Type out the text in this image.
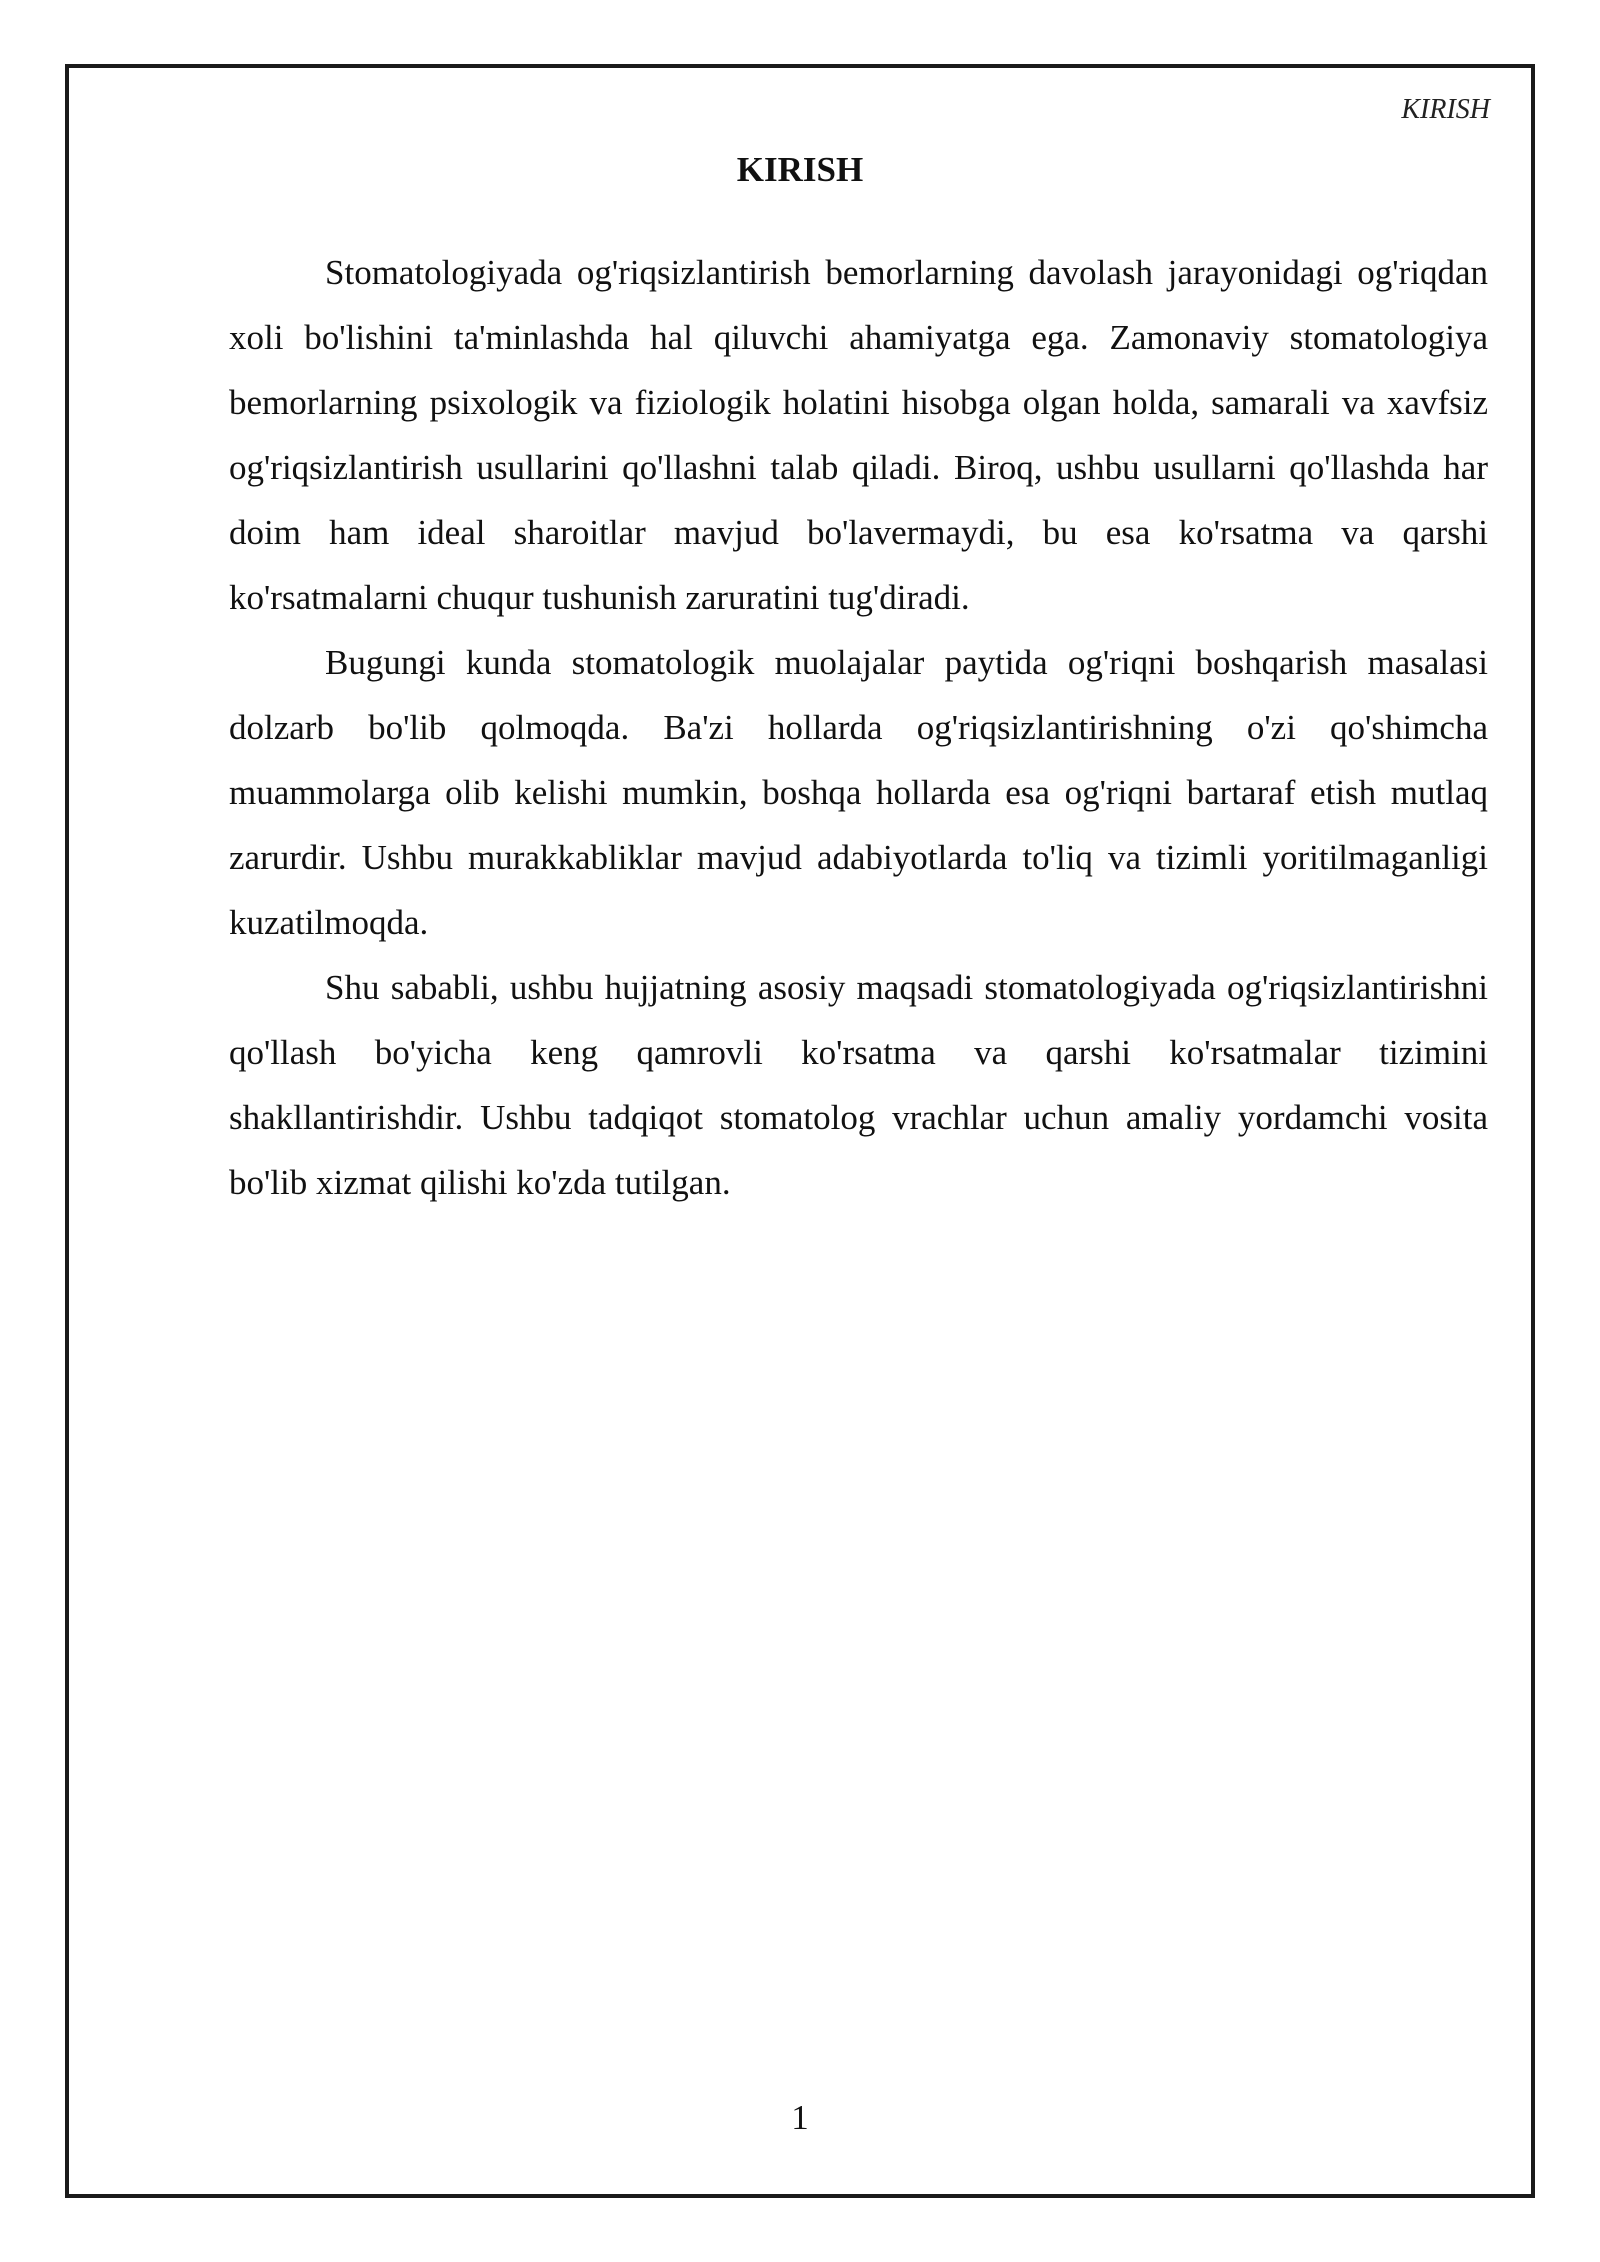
KIRISH
KIRISH

Stomatologiyada og'riqsizlantirish bemorlarning davolash jarayonidagi og'riqdan xoli bo'lishini ta'minlashda hal qiluvchi ahamiyatga ega. Zamonaviy stomatologiya bemorlarning psixologik va fiziologik holatini hisobga olgan holda, samarali va xavfsiz og'riqsizlantirish usullarini qo'llashni talab qiladi. Biroq, ushbu usullarni qo'llashda har doim ham ideal sharoitlar mavjud bo'lavermaydi, bu esa ko'rsatma va qarshi ko'rsatmalarni chuqur tushunish zaruratini tug'diradi.

Bugungi kunda stomatologik muolajalar paytida og'riqni boshqarish masalasi dolzarb bo'lib qolmoqda. Ba'zi hollarda og'riqsizlantirishning o'zi qo'shimcha muammolarga olib kelishi mumkin, boshqa hollarda esa og'riqni bartaraf etish mutlaq zarurdir. Ushbu murakkabliklar mavjud adabiyotlarda to'liq va tizimli yoritilmaganligi kuzatilmoqda.

Shu sababli, ushbu hujjatning asosiy maqsadi stomatologiyada og'riqsizlantirishni qo'llash bo'yicha keng qamrovli ko'rsatma va qarshi ko'rsatmalar tizimini shakllantirishdir. Ushbu tadqiqot stomatolog vrachlar uchun amaliy yordamchi vosita bo'lib xizmat qilishi ko'zda tutilgan.

1
